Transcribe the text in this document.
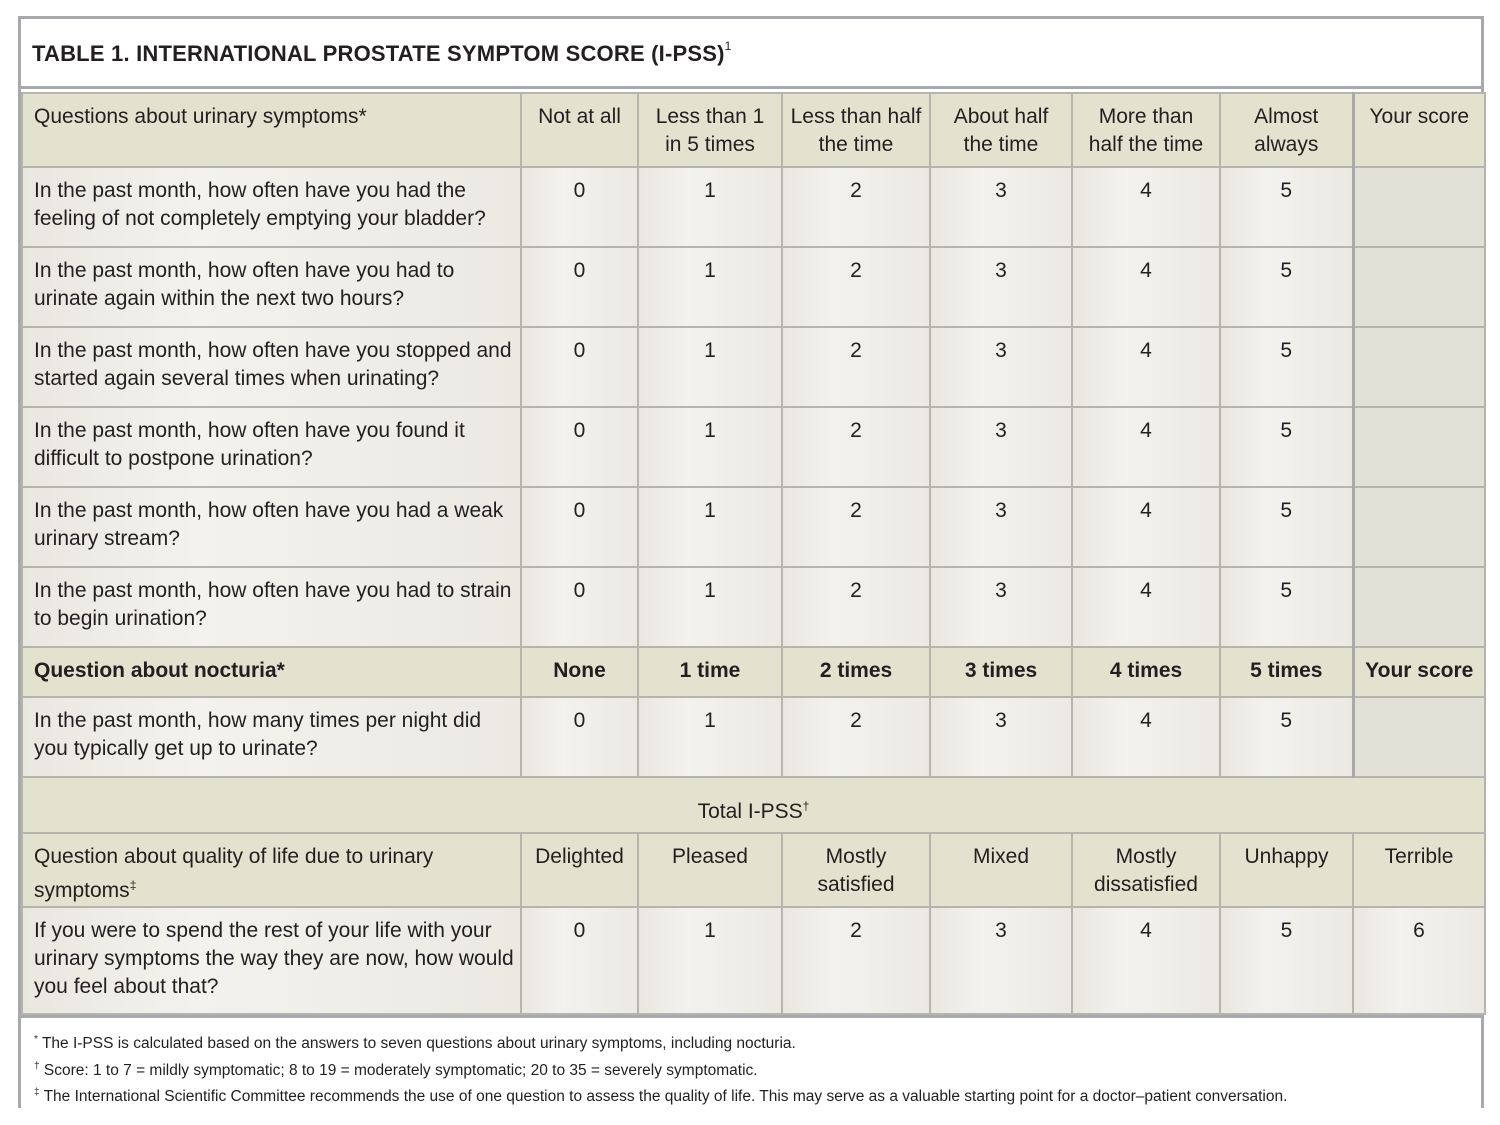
TABLE 1. INTERNATIONAL PROSTATE SYMPTOM SCORE $(I-PSS)^1$
Questions about urinary symptoms*	Not at all	Less than 1 in 5 times	Less than half the time	About half the time	More than half the time	Almost always	Your score
In the past month, how often have you had the feeling of not completely emptying your bladder?	0	1	2	3	4	5	
In the past month, how often have you had to urinate again within the next two hours?	0	1	2	3	4	5	
In the past month, how often have you stopped and started again several times when urinating?	0	1	2	3	4	5	
In the past month, how often have you found it difficult to postpone urination?	0	1	2	3	4	5	
In the past month, how often have you had a weak urinary stream?	0	1	2	3	4	5	
In the past month, how often have you had to strain to begin urination?	0	1	2	3	4	5	
Question about nocturia*	None	1 time	2 times	3 times	4 times	5 times	Your score
In the past month, how many times per night did you typically get up to urinate?	0	1	2	3	4	5	
Total I-PSS†
Question about quality of life due to urinary symptoms‡	Delighted	Pleased	Mostly satisfied	Mixed	Mostly dissatisfied	Unhappy	Terrible
If you were to spend the rest of your life with your urinary symptoms the way they are now, how would you feel about that?	0	1	2	3	4	5	6
* The I-PSS is calculated based on the answers to seven questions about urinary symptoms, including nocturia.
† Score: 1 to 7 = mildly symptomatic; 8 to 19 = moderately symptomatic; 20 to 35 = severely symptomatic.
‡ The International Scientific Committee recommends the use of one question to assess the quality of life. This may serve as a valuable starting point for a doctor–patient conversation.
